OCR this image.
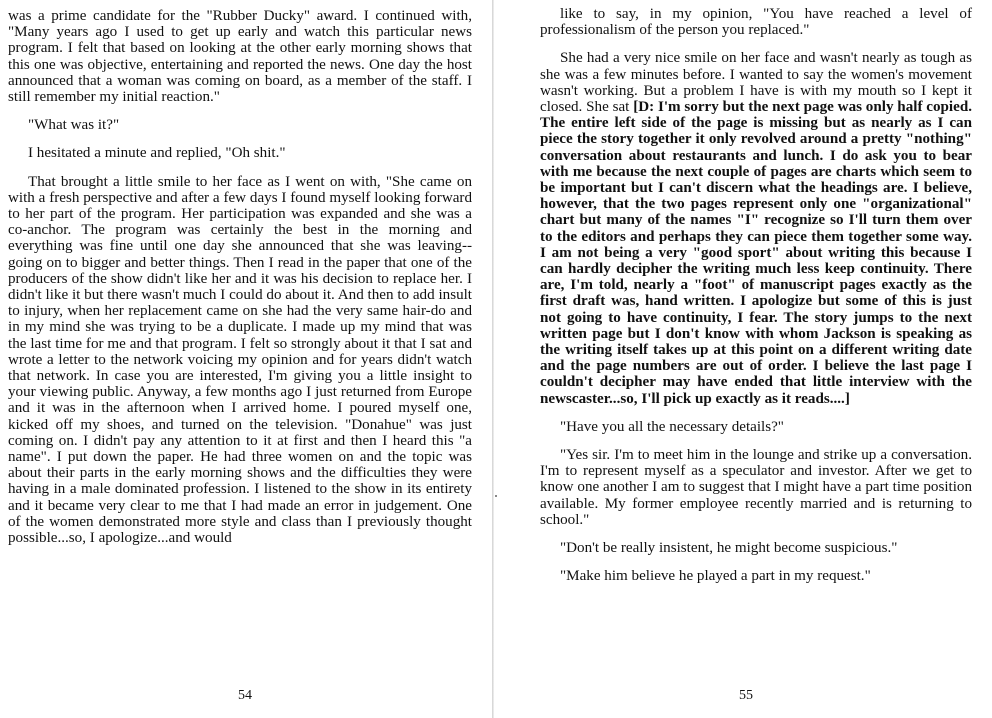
was a prime candidate for the "Rubber Ducky" award. I continued with, "Many years ago I used to get up early and watch this particular news program. I felt that based on looking at the other early morning shows that this one was objective, entertaining and reported the news. One day the host announced that a woman was coming on board, as a member of the staff. I still remember my initial reaction."

"What was it?"

I hesitated a minute and replied, "Oh shit."

That brought a little smile to her face as I went on with, "She came on with a fresh perspective and after a few days I found myself looking forward to her part of the program. Her participation was expanded and she was a co-anchor. The program was certainly the best in the morning and everything was fine until one day she announced that she was leaving--going on to bigger and better things. Then I read in the paper that one of the producers of the show didn't like her and it was his decision to replace her. I didn't like it but there wasn't much I could do about it. And then to add insult to injury, when her replacement came on she had the very same hair-do and in my mind she was trying to be a duplicate. I made up my mind that was the last time for me and that program. I felt so strongly about it that I sat and wrote a letter to the network voicing my opinion and for years didn't watch that network. In case you are interested, I'm giving you a little insight to your viewing public. Anyway, a few months ago I just returned from Europe and it was in the afternoon when I arrived home. I poured myself one, kicked off my shoes, and turned on the television. "Donahue" was just coming on. I didn't pay any attention to it at first and then I heard this "a name". I put down the paper. He had three women on and the topic was about their parts in the early morning shows and the difficulties they were having in a male dominated profession. I listened to the show in its entirety and it became very clear to me that I had made an error in judgement. One of the women demonstrated more style and class than I previously thought possible...so, I apologize...and would

54

like to say, in my opinion, "You have reached a level of professionalism of the person you replaced."

She had a very nice smile on her face and wasn't nearly as tough as she was a few minutes before. I wanted to say the women's movement wasn't working. But a problem I have is with my mouth so I kept it closed. She sat [D: I'm sorry but the next page was only half copied. The entire left side of the page is missing but as nearly as I can piece the story together it only revolved around a pretty "nothing" conversation about restaurants and lunch. I do ask you to bear with me because the next couple of pages are charts which seem to be important but I can't discern what the headings are. I believe, however, that the two pages represent only one "organizational" chart but many of the names "I" recognize so I'll turn them over to the editors and perhaps they can piece them together some way. I am not being a very "good sport" about writing this because I can hardly decipher the writing much less keep continuity. There are, I'm told, nearly a "foot" of manuscript pages exactly as the first draft was, hand written. I apologize but some of this is just not going to have continuity, I fear. The story jumps to the next written page but I don't know with whom Jackson is speaking as the writing itself takes up at this point on a different writing date and the page numbers are out of order. I believe the last page I couldn't decipher may have ended that little interview with the newscaster...so, I'll pick up exactly as it reads....]

"Have you all the necessary details?"

"Yes sir. I'm to meet him in the lounge and strike up a conversation. I'm to represent myself as a speculator and investor. After we get to know one another I am to suggest that I might have a part time position available. My former employee recently married and is returning to school."

"Don't be really insistent, he might become suspicious."

"Make him believe he played a part in my request."

55
